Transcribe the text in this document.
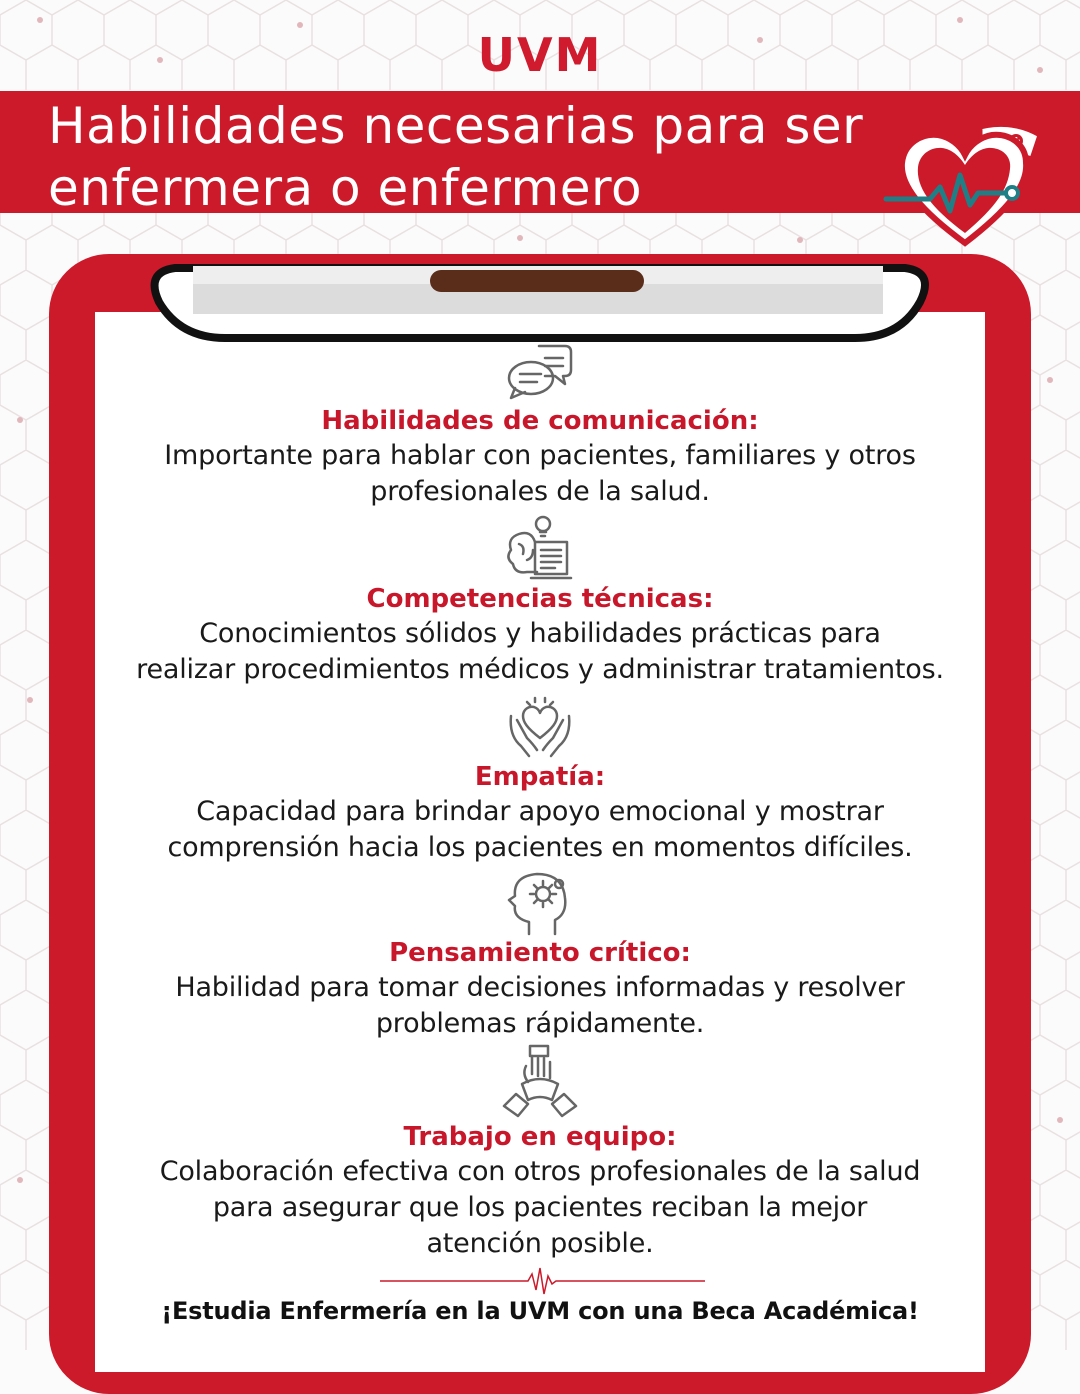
UVM
Habilidades necesarias para ser
enfermera o enfermero
Habilidades de comunicación:
Importante para hablar con pacientes, familiares y otros
profesionales de la salud.
Competencias técnicas:
Conocimientos sólidos y habilidades prácticas para
realizar procedimientos médicos y administrar tratamientos.
Empatía:
Capacidad para brindar apoyo emocional y mostrar
comprensión hacia los pacientes en momentos difíciles.
Pensamiento crítico:
Habilidad para tomar decisiones informadas y resolver
problemas rápidamente.
Trabajo en equipo:
Colaboración efectiva con otros profesionales de la salud
para asegurar que los pacientes reciban la mejor
atención posible.
¡Estudia Enfermería en la UVM con una Beca Académica!
